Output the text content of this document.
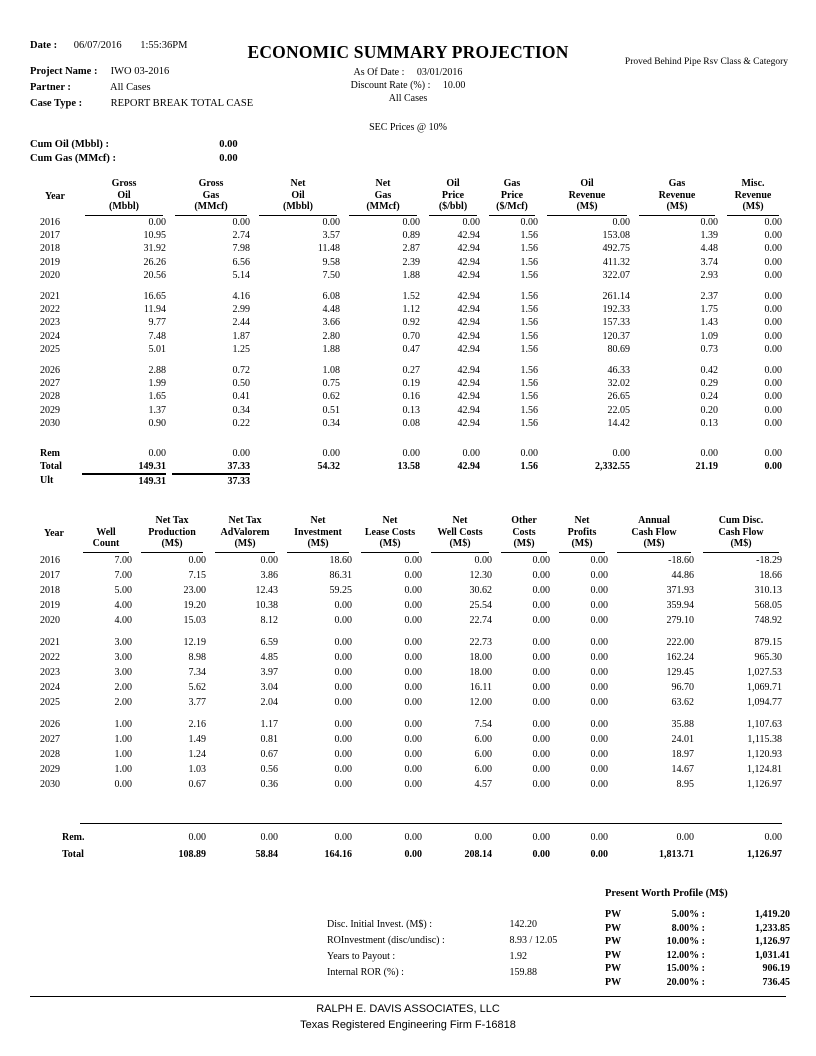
Date : 06/07/2016 1:55:36PM	ECONOMIC SUMMARY PROJECTION	Proved Behind Pipe Rsv Class & Category
Project Name : IWO 03-2016
Partner :	All Cases
Case Type :	REPORT BREAK TOTAL CASE
As Of Date : 03/01/2016
Discount Rate (%) : 10.00
All Cases
SEC Prices @ 10%
Cum Oil (Mbbl) :	0.00
Cum Gas (MMcf) :	0.00
Year

Gross
Oil
(Mbbl)

Gross
Gas
(MMcf)

Net
Oil
(Mbbl)

Net
Gas
(MMcf)

Oil
Price
($/bbl)

Gas
Price
($/Mcf)

Oil
Revenue
(M$)

Gas
Revenue
(M$)

Misc.
Revenue
(M$)

2016	0.00	0.00	0.00	0.00	0.00	0.00	0.00	0.00	0.00
2017	10.95	2.74	3.57	0.89	42.94	1.56	153.08	1.39	0.00
2018	31.92	7.98	11.48	2.87	42.94	1.56	492.75	4.48	0.00
2019	26.26	6.56	9.58	2.39	42.94	1.56	411.32	3.74	0.00
2020	20.56	5.14	7.50	1.88	42.94	1.56	322.07	2.93	0.00

2021	16.65	4.16	6.08	1.52	42.94	1.56	261.14	2.37	0.00
2022	11.94	2.99	4.48	1.12	42.94	1.56	192.33	1.75	0.00
2023	9.77	2.44	3.66	0.92	42.94	1.56	157.33	1.43	0.00
2024	7.48	1.87	2.80	0.70	42.94	1.56	120.37	1.09	0.00
2025	5.01	1.25	1.88	0.47	42.94	1.56	80.69	0.73	0.00

2026	2.88	0.72	1.08	0.27	42.94	1.56	46.33	0.42	0.00
2027	1.99	0.50	0.75	0.19	42.94	1.56	32.02	0.29	0.00
2028	1.65	0.41	0.62	0.16	42.94	1.56	26.65	0.24	0.00
2029	1.37	0.34	0.51	0.13	42.94	1.56	22.05	0.20	0.00
2030	0.90	0.22	0.34	0.08	42.94	1.56	14.42	0.13	0.00

Rem	0.00	0.00	0.00	0.00	0.00	0.00	0.00	0.00	0.00
Total	149.31	37.33	54.32	13.58	42.94	1.56	2,332.55	21.19	0.00
Ult	149.31	37.33							
Year	Well
Count

Net Tax
Production
(M$)

Net Tax
AdValorem
(M$)

Net
Investment
(M$)

Net
Lease Costs
(M$)

Net
Well Costs
(M$)

Other
Costs
(M$)

Net
Profits
(M$)

Annual
Cash Flow
(M$)

Cum Disc.
Cash Flow
(M$)

2016	7.00	0.00	0.00	18.60	0.00	0.00	0.00	0.00	-18.60	-18.29
2017	7.00	7.15	3.86	86.31	0.00	12.30	0.00	0.00	44.86	18.66
2018	5.00	23.00	12.43	59.25	0.00	30.62	0.00	0.00	371.93	310.13
2019	4.00	19.20	10.38	0.00	0.00	25.54	0.00	0.00	359.94	568.05
2020	4.00	15.03	8.12	0.00	0.00	22.74	0.00	0.00	279.10	748.92

2021	3.00	12.19	6.59	0.00	0.00	22.73	0.00	0.00	222.00	879.15
2022	3.00	8.98	4.85	0.00	0.00	18.00	0.00	0.00	162.24	965.30
2023	3.00	7.34	3.97	0.00	0.00	18.00	0.00	0.00	129.45	1,027.53
2024	2.00	5.62	3.04	0.00	0.00	16.11	0.00	0.00	96.70	1,069.71
2025	2.00	3.77	2.04	0.00	0.00	12.00	0.00	0.00	63.62	1,094.77

2026	1.00	2.16	1.17	0.00	0.00	7.54	0.00	0.00	35.88	1,107.63
2027	1.00	1.49	0.81	0.00	0.00	6.00	0.00	0.00	24.01	1,115.38
2028	1.00	1.24	0.67	0.00	0.00	6.00	0.00	0.00	18.97	1,120.93
2029	1.00	1.03	0.56	0.00	0.00	6.00	0.00	0.00	14.67	1,124.81
2030	0.00	0.67	0.36	0.00	0.00	4.57	0.00	0.00	8.95	1,126.97

Rem.		0.00	0.00	0.00	0.00	0.00	0.00	0.00	0.00	0.00
Total		108.89	58.84	164.16	0.00	208.14	0.00	0.00	1,813.71	1,126.97
Disc. Initial Invest. (M$) :	142.20
ROInvestment (disc/undisc) :	8.93 / 12.05
Years to Payout :	1.92
Internal ROR (%) :	159.88
Present Worth Profile (M$)
PW	5.00% :	1,419.20
PW	8.00% :	1,233.85
PW	10.00% :	1,126.97
PW	12.00% :	1,031.41
PW	15.00% :	906.19
PW	20.00% :	736.45
RALPH E. DAVIS ASSOCIATES, LLC
Texas Registered Engineering Firm F-16818
